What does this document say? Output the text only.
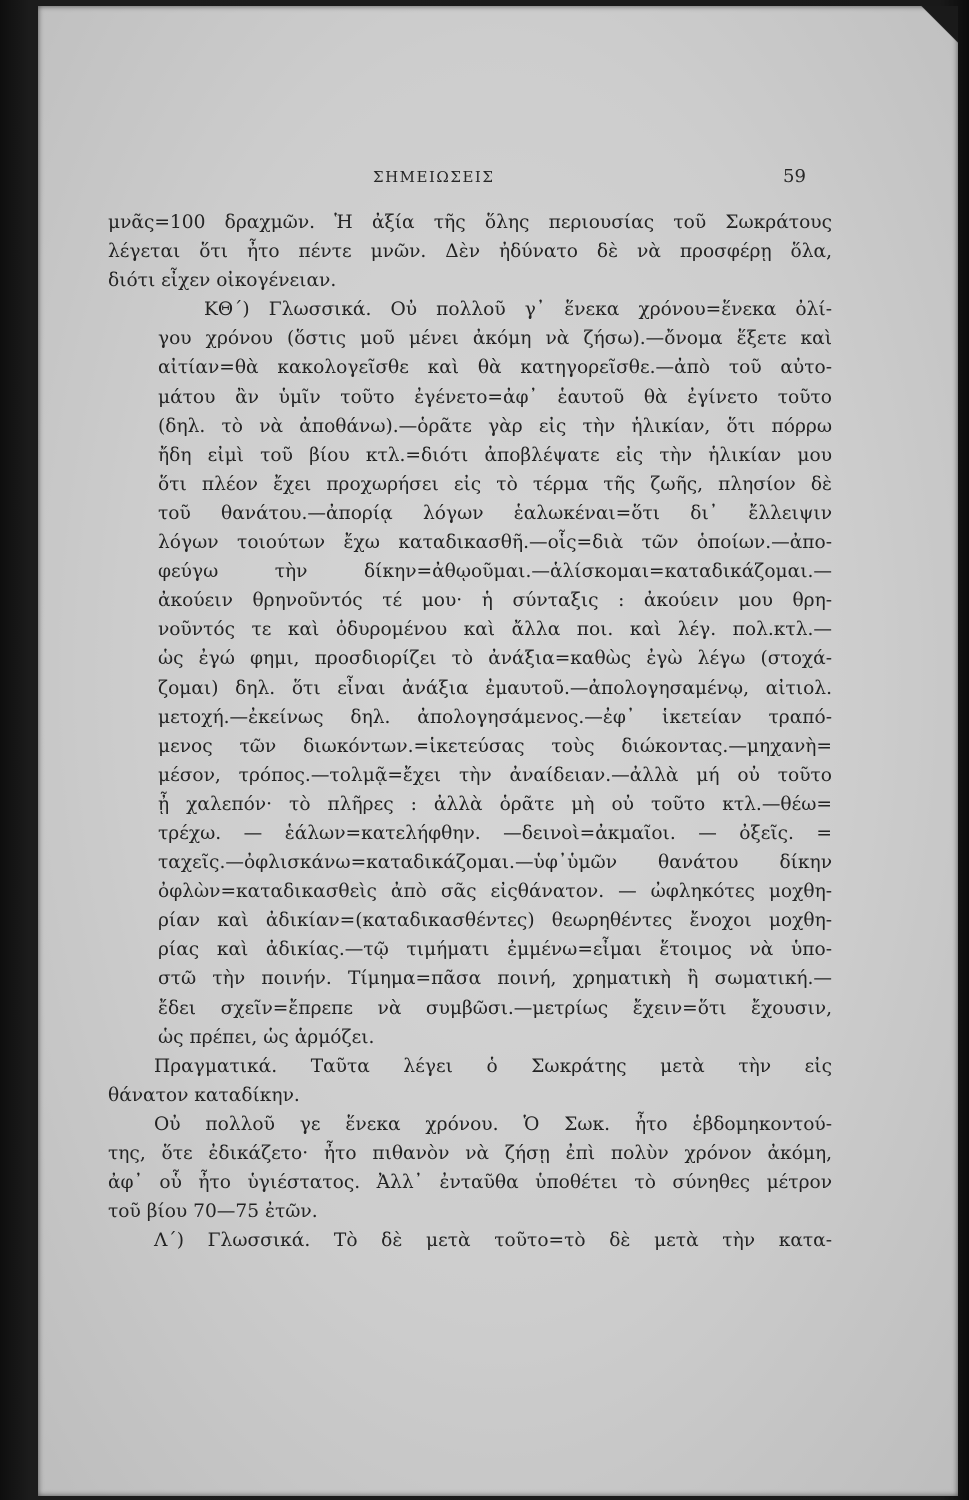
ΣΗΜΕΙΩΣΕΙΣ	59

μνᾶς=100 δραχμῶν. Ἡ ἀξία τῆς ὅλης περιουσίας τοῦ Σωκράτους
λέγεται ὅτι ἦτο πέντε μνῶν. Δὲν ἠδύνατο δὲ νὰ προσφέρῃ ὅλα,
διότι εἶχεν οἰκογένειαν.

ΚΘ´) Γλωσσικά. Οὐ πολλοῦ γ᾽ ἕνεκα χρόνου=ἕνεκα ὀλί-
γου χρόνου (ὅστις μοῦ μένει ἀκόμη νὰ ζήσω).—ὄνομα ἕξετε καὶ
αἰτίαν=θὰ κακολογεῖσθε καὶ θὰ κατηγορεῖσθε.—ἀπὸ τοῦ αὐτο-
μάτου ἂν ὑμῖν τοῦτο ἐγένετο=ἀφ᾽ ἑαυτοῦ θὰ ἐγίνετο τοῦτο
(δηλ. τὸ νὰ ἀποθάνω).—ὁρᾶτε γὰρ εἰς τὴν ἡλικίαν, ὅτι πόρρω
ἤδη εἰμὶ τοῦ βίου κτλ.=διότι ἀποβλέψατε εἰς τὴν ἡλικίαν μου
ὅτι πλέον ἔχει προχωρήσει εἰς τὸ τέρμα τῆς ζωῆς, πλησίον δὲ
τοῦ θανάτου.—ἀπορίᾳ λόγων ἑαλωκέναι=ὅτι δι᾽ ἔλλειψιν
λόγων τοιούτων ἔχω καταδικασθῆ.—οἷς=διὰ τῶν ὁποίων.—ἀπο-
φεύγω τὴν δίκην=ἀθῳοῦμαι.—ἁλίσκομαι=καταδικάζομαι.—
ἀκούειν θρηνοῦντός τέ μου· ἡ σύνταξις : ἀκούειν μου θρη-
νοῦντός τε καὶ ὀδυρομένου καὶ ἄλλα ποι. καὶ λέγ. πολ.κτλ.—
ὡς ἐγώ φημι, προσδιορίζει τὸ ἀνάξια=καθὼς ἐγὼ λέγω (στοχά-
ζομαι) δηλ. ὅτι εἶναι ἀνάξια ἐμαυτοῦ.—ἀπολογησαμένῳ, αἰτιολ.
μετοχή.—ἐκείνως δηλ. ἀπολογησάμενος.—ἐφ᾽ ἱκετείαν τραπό-
μενος τῶν διωκόντων.=ἱκετεύσας τοὺς διώκοντας.—μηχανὴ=
μέσον, τρόπος.—τολμᾷ=ἔχει τὴν ἀναίδειαν.—ἀλλὰ μή οὐ τοῦτο
ᾖ χαλεπόν· τὸ πλῆρες : ἀλλὰ ὁρᾶτε μὴ οὐ τοῦτο κτλ.—θέω=
τρέχω. — ἑάλων=κατελήφθην. —δεινοὶ=ἀκμαῖοι. — ὀξεῖς. =
ταχεῖς.—ὀφλισκάνω=καταδικάζομαι.—ὑφ᾽ὑμῶν θανάτου δίκην
ὀφλὼν=καταδικασθεὶς ἀπὸ σᾶς εἰςθάνατον. — ὠφληκότες μοχθη-
ρίαν καὶ ἀδικίαν=(καταδικασθέντες) θεωρηθέντες ἔνοχοι μοχθη-
ρίας καὶ ἀδικίας.—τῷ τιμήματι ἐμμένω=εἶμαι ἕτοιμος νὰ ὑπο-
στῶ τὴν ποινήν. Τίμημα=πᾶσα ποινή, χρηματικὴ ἢ σωματική.—
ἔδει σχεῖν=ἔπρεπε νὰ συμβῶσι.—μετρίως ἔχειν=ὅτι ἔχουσιν,
ὡς πρέπει, ὡς ἁρμόζει.

Πραγματικά. Ταῦτα λέγει ὁ Σωκράτης μετὰ τὴν εἰς
θάνατον καταδίκην.

Οὐ πολλοῦ γε ἕνεκα χρόνου. Ὁ Σωκ. ἦτο ἑβδομηκοντού-
της, ὅτε ἐδικάζετο· ἦτο πιθανὸν νὰ ζήσῃ ἐπὶ πολὺν χρόνον ἀκόμη,
ἀφ᾽ οὗ ἦτο ὑγιέστατος. Ἀλλ᾽ ἐνταῦθα ὑποθέτει τὸ σύνηθες μέτρον
τοῦ βίου 70—75 ἐτῶν.

Λ´) Γλωσσικά. Τὸ δὲ μετὰ τοῦτο=τὸ δὲ μετὰ τὴν κατα-
